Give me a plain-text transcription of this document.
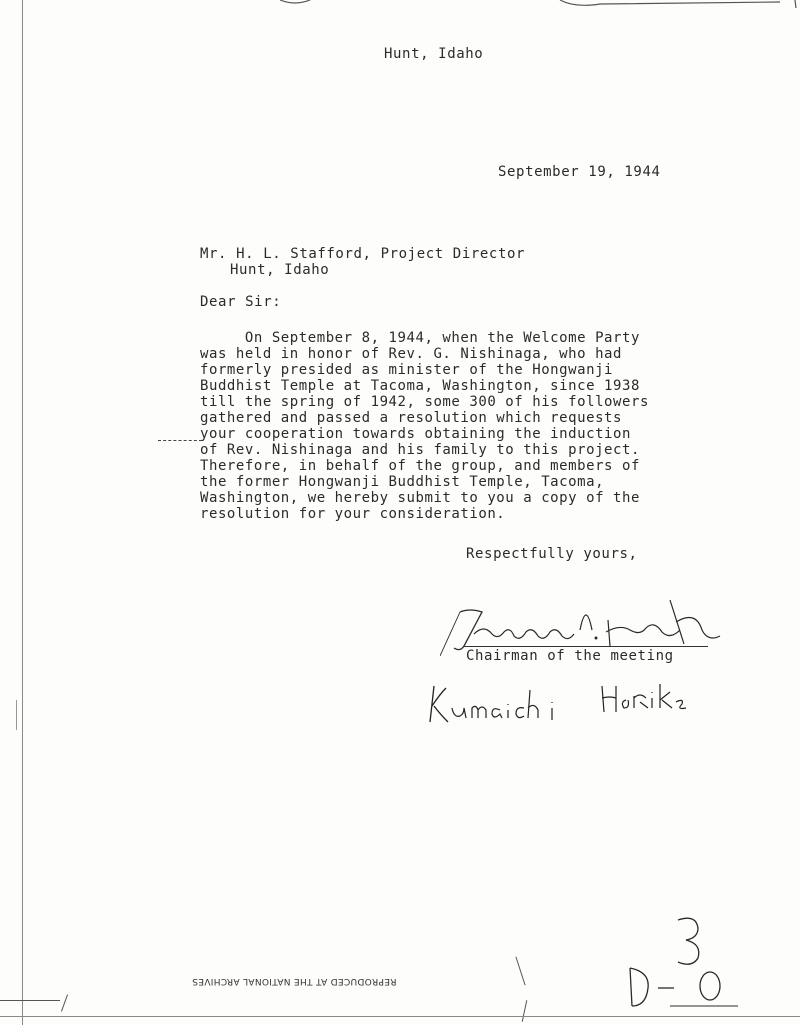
Hunt, Idaho
September 19, 1944
Mr. H. L. Stafford, Project Director
Hunt, Idaho
Dear Sir:
On September 8, 1944, when the Welcome Party
was held in honor of Rev. G. Nishinaga, who had
formerly presided as minister of the Hongwanji
Buddhist Temple at Tacoma, Washington, since 1938
till the spring of 1942, some 300 of his followers
gathered and passed a resolution which requests
your cooperation towards obtaining the induction
of Rev. Nishinaga and his family to this project.
Therefore, in behalf of the group, and members of
the former Hongwanji Buddhist Temple, Tacoma,
Washington, we hereby submit to you a copy of the
resolution for your consideration.
Respectfully yours,
Chairman of the meeting
REPRODUCED AT THE NATIONAL ARCHIVES
